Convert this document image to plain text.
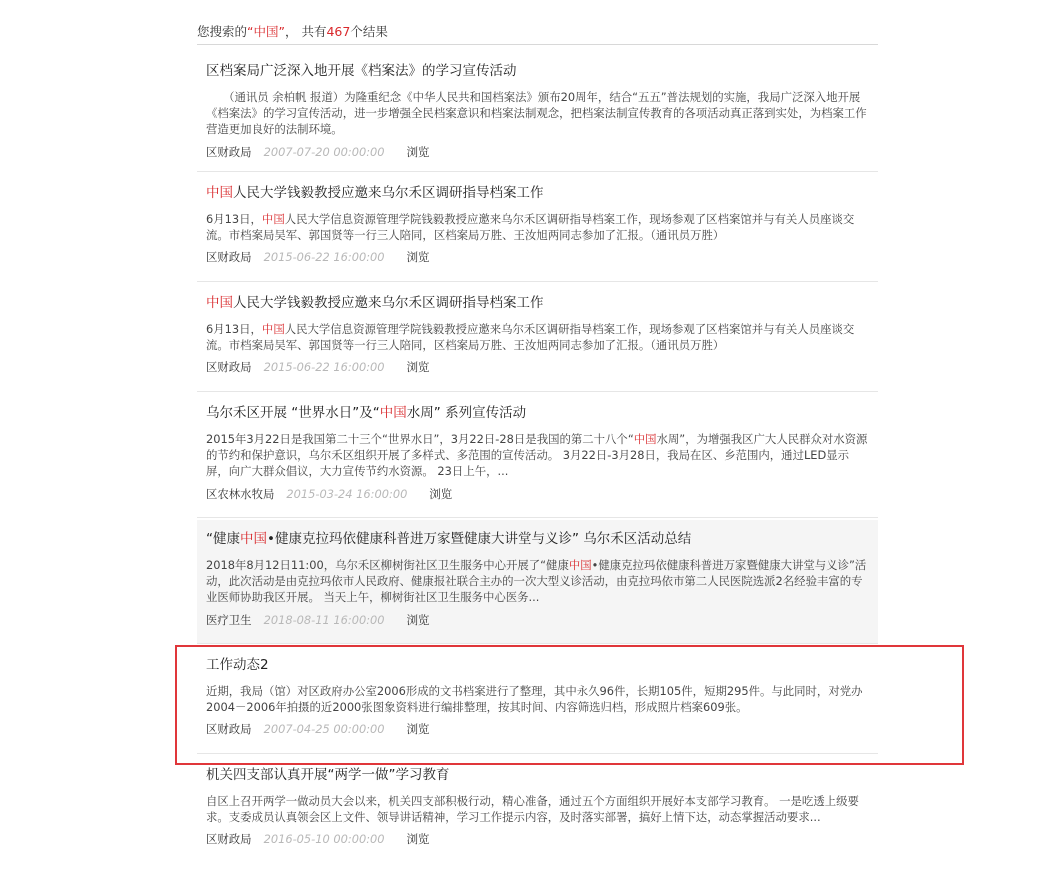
您搜索的“中国”， 共有467个结果
区档案局广泛深入地开展《档案法》的学习宣传活动
　　（通讯员 余柏帆 报道）为隆重纪念《中华人民共和国档案法》颁布20周年，结合“五五”普法规划的实施，我局广泛深入地开展《档案法》的学习宣传活动，进一步增强全民档案意识和档案法制观念，把档案法制宣传教育的各项活动真正落到实处，为档案工作营造更加良好的法制环境。
区财政局 2007-07-20 00:00:00 浏览
中国人民大学钱毅教授应邀来乌尔禾区调研指导档案工作
6月13日，中国人民大学信息资源管理学院钱毅教授应邀来乌尔禾区调研指导档案工作，现场参观了区档案馆并与有关人员座谈交流。市档案局吴军、郭国贤等一行三人陪同，区档案局万胜、王汝旭两同志参加了汇报。（通讯员万胜）
区财政局 2015-06-22 16:00:00 浏览
中国人民大学钱毅教授应邀来乌尔禾区调研指导档案工作
6月13日，中国人民大学信息资源管理学院钱毅教授应邀来乌尔禾区调研指导档案工作，现场参观了区档案馆并与有关人员座谈交流。市档案局吴军、郭国贤等一行三人陪同，区档案局万胜、王汝旭两同志参加了汇报。（通讯员万胜）
区财政局 2015-06-22 16:00:00 浏览
乌尔禾区开展 “世界水日”及“中国水周” 系列宣传活动
2015年3月22日是我国第二十三个“世界水日”，3月22日-28日是我国的第二十八个“中国水周”，为增强我区广大人民群众对水资源的节约和保护意识，乌尔禾区组织开展了多样式、多范围的宣传活动。 3月22日-3月28日，我局在区、乡范围内，通过LED显示屏，向广大群众倡议，大力宣传节约水资源。 23日上午，...
区农林水牧局 2015-03-24 16:00:00 浏览
“健康中国•健康克拉玛依健康科普进万家暨健康大讲堂与义诊” 乌尔禾区活动总结
2018年8月12日11:00，乌尔禾区柳树街社区卫生服务中心开展了“健康中国•健康克拉玛依健康科普进万家暨健康大讲堂与义诊”活动，此次活动是由克拉玛依市人民政府、健康报社联合主办的一次大型义诊活动，由克拉玛依市第二人民医院选派2名经验丰富的专业医师协助我区开展。 当天上午，柳树街社区卫生服务中心医务...
医疗卫生 2018-08-11 16:00:00 浏览
工作动态2
近期，我局（馆）对区政府办公室2006形成的文书档案进行了整理，其中永久96件，长期105件，短期295件。与此同时，对党办2004－2006年拍摄的近2000张图象资料进行编排整理，按其时间、内容筛选归档，形成照片档案609张。
区财政局 2007-04-25 00:00:00 浏览
机关四支部认真开展“两学一做”学习教育
自区上召开两学一做动员大会以来，机关四支部积极行动，精心准备，通过五个方面组织开展好本支部学习教育。 一是吃透上级要求。支委成员认真领会区上文件、领导讲话精神，学习工作提示内容，及时落实部署，搞好上情下达，动态掌握活动要求...
区财政局 2016-05-10 00:00:00 浏览
